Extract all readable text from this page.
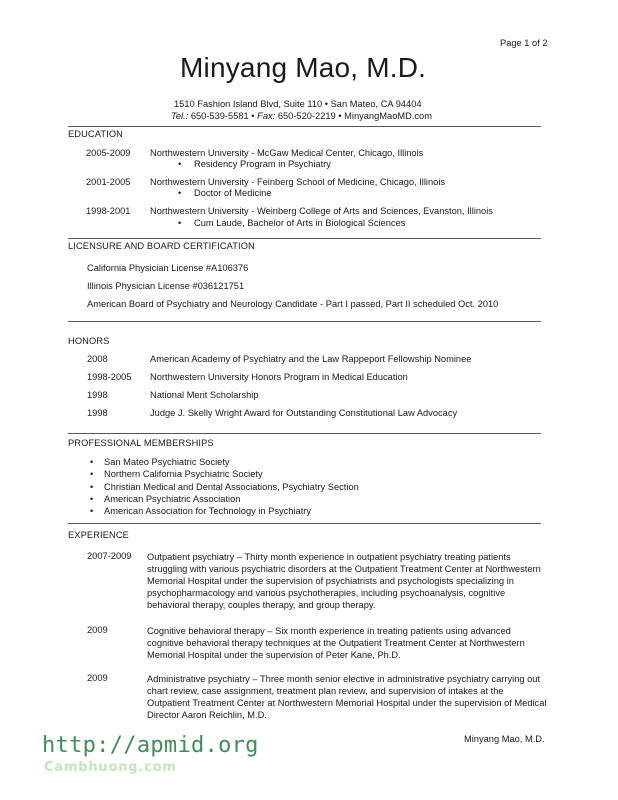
Page 1 of 2
Minyang Mao, M.D.
1510 Fashion Island Blvd, Suite 110 • San Mateo, CA 94404
Tel.: 650-539-5581 • Fax: 650-520-2219 • MinyangMaoMD.com
EDUCATION
2005-2009 Northwestern University - McGaw Medical Center, Chicago, Illinois
• Residency Program in Psychiatry
2001-2005 Northwestern University - Feinberg School of Medicine, Chicago, Illinois
• Doctor of Medicine
1998-2001 Northwestern University - Weinberg College of Arts and Sciences, Evanston, Illinois
• Cum Laude, Bachelor of Arts in Biological Sciences
LICENSURE AND BOARD CERTIFICATION
California Physician License #A106376
Illinois Physician License #036121751
American Board of Psychiatry and Neurology Candidate - Part I passed, Part II scheduled Oct. 2010
HONORS
2008	American Academy of Psychiatry and the Law Rappeport Fellowship Nominee
1998-2005 Northwestern University Honors Program in Medical Education
1998	National Merit Scholarship
1998	Judge J. Skelly Wright Award for Outstanding Constitutional Law Advocacy
PROFESSIONAL MEMBERSHIPS
• San Mateo Psychiatric Society
• Northern California Psychiatric Society
• Christian Medical and Dental Associations, Psychiatry Section
• American Psychiatric Association
• American Association for Technology in Psychiatry
EXPERIENCE
2007-2009 Outpatient psychiatry – Thirty month experience in outpatient psychiatry treating patients struggling with various psychiatric disorders at the Outpatient Treatment Center at Northwestern Memorial Hospital under the supervision of psychiatrists and psychologists specializing in psychopharmacology and various psychotherapies, including psychoanalysis, cognitive behavioral therapy, couples therapy, and group therapy.
2009	Cognitive behavioral therapy – Six month experience in treating patients using advanced cognitive behavioral therapy techniques at the Outpatient Treatment Center at Northwestern Memorial Hospital under the supervision of Peter Kane, Ph.D.
2009	Administrative psychiatry – Three month senior elective in administrative psychiatry carrying out chart review, case assignment, treatment plan review, and supervision of intakes at the Outpatient Treatment Center at Northwestern Memorial Hospital under the supervision of Medical Director Aaron Reichlin, M.D.
Minyang Mao, M.D.
http://apmid.org
Cambhuong.com
